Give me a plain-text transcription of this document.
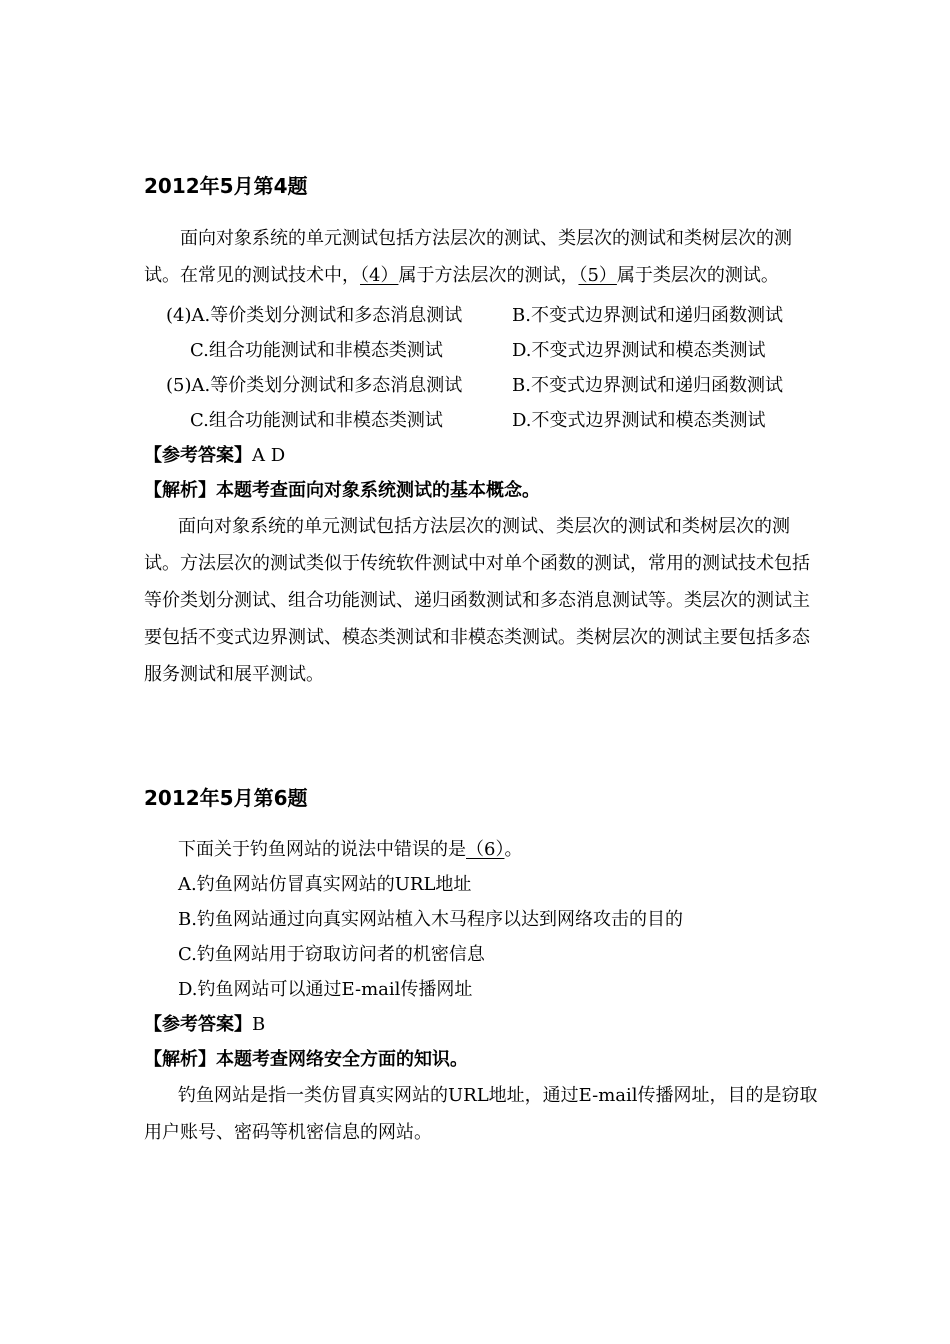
2012年5月第4题

面向对象系统的单元测试包括方法层次的测试、类层次的测试和类树层次的测试。在常见的测试技术中，（4）属于方法层次的测试，（5）属于类层次的测试。

(4)A.等价类划分测试和多态消息测试	B.不变式边界测试和递归函数测试
C.组合功能测试和非模态类测试	D.不变式边界测试和模态类测试
(5)A.等价类划分测试和多态消息测试	B.不变式边界测试和递归函数测试
C.组合功能测试和非模态类测试	D.不变式边界测试和模态类测试
【参考答案】A D
【解析】本题考查面向对象系统测试的基本概念。

面向对象系统的单元测试包括方法层次的测试、类层次的测试和类树层次的测试。方法层次的测试类似于传统软件测试中对单个函数的测试，常用的测试技术包括等价类划分测试、组合功能测试、递归函数测试和多态消息测试等。类层次的测试主要包括不变式边界测试、模态类测试和非模态类测试。类树层次的测试主要包括多态服务测试和展平测试。

2012年5月第6题
下面关于钓鱼网站的说法中错误的是（6）。
A.钓鱼网站仿冒真实网站的URL地址
B.钓鱼网站通过向真实网站植入木马程序以达到网络攻击的目的
C.钓鱼网站用于窃取访问者的机密信息
D.钓鱼网站可以通过E-mail传播网址
【参考答案】B
【解析】本题考查网络安全方面的知识。

钓鱼网站是指一类仿冒真实网站的URL地址，通过E-mail传播网址，目的是窃取用户账号、密码等机密信息的网站。
